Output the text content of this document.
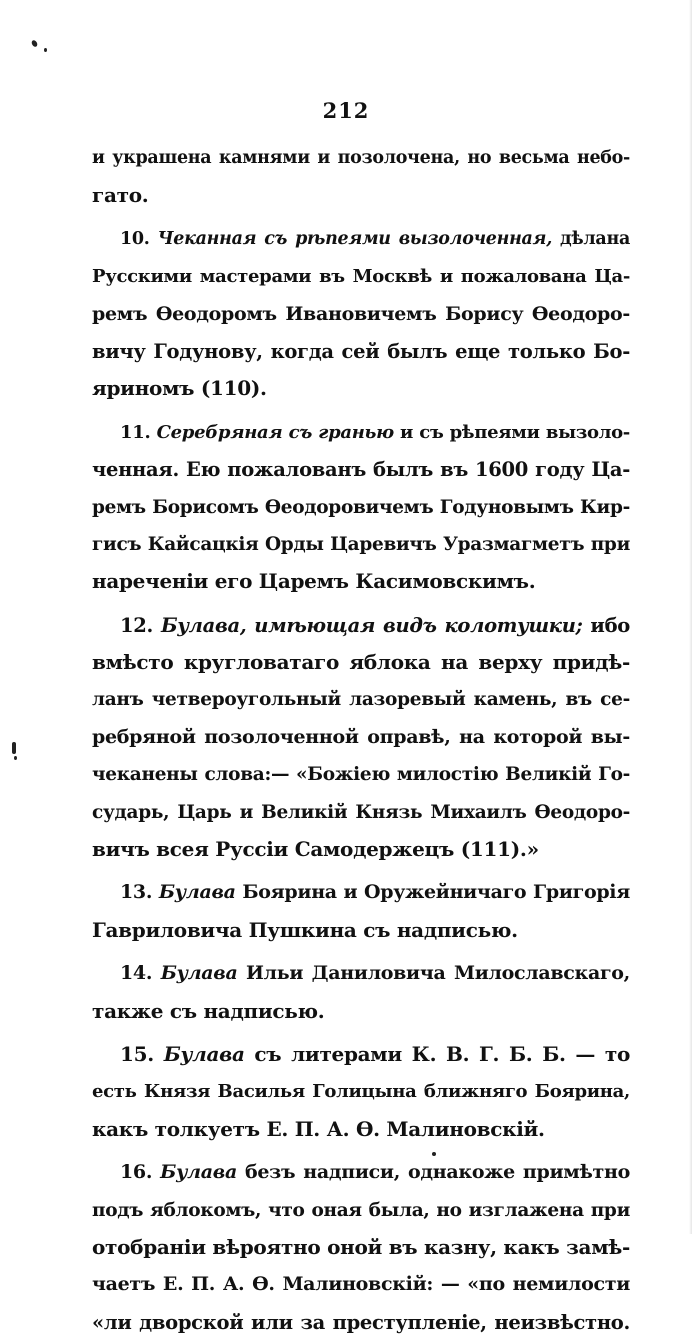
212
и украшена камнями и позолочена, но весьма небо-
гато.
10. Чеканная съ рѣпеями вызолоченная, дѣлана
Русскими мастерами въ Москвѣ и пожалована Ца-
ремъ Ѳеодоромъ Ивановичемъ Борису Ѳеодоро-
вичу Годунову, когда сей былъ еще только Бо-
яриномъ (110).
11. Серебряная съ гранью и съ рѣпеями вызоло-
ченная. Ею пожалованъ былъ въ 1600 году Ца-
ремъ Борисомъ Ѳеодоровичемъ Годуновымъ Кир-
гисъ Кайсацкія Орды Царевичъ Уразмагметъ при
нареченіи его Царемъ Касимовскимъ.
12. Булава, имѣющая видъ колотушки; ибо
вмѣсто кругловатаго яблока на верху придѣ-
ланъ четвероугольный лазоревый камень, въ се-
ребряной позолоченной оправѣ, на которой вы-
чеканены слова:— «Божіею милостію Великій Го-
сударь, Царь и Великій Князь Михаилъ Ѳеодоро-
вичъ всея Руссіи Самодержецъ (111).»
13. Булава Боярина и Оружейничаго Григорія
Гавриловича Пушкина съ надписью.
14. Булава Ильи Даниловича Милославскаго,
также съ надписью.
15. Булава съ литерами К. В. Г. Б. Б. — то
есть Князя Василья Голицына ближняго Боярина,
какъ толкуетъ Е. П. А. Ѳ. Малиновскій.
16. Булава безъ надписи, однакоже примѣтно
подъ яблокомъ, что оная была, но изглажена при
отобраніи вѣроятно оной въ казну, какъ замѣ-
чаетъ Е. П. А. Ѳ. Малиновскій: — «по немилости
«ли дворской или за преступленіе, неизвѣстно.
